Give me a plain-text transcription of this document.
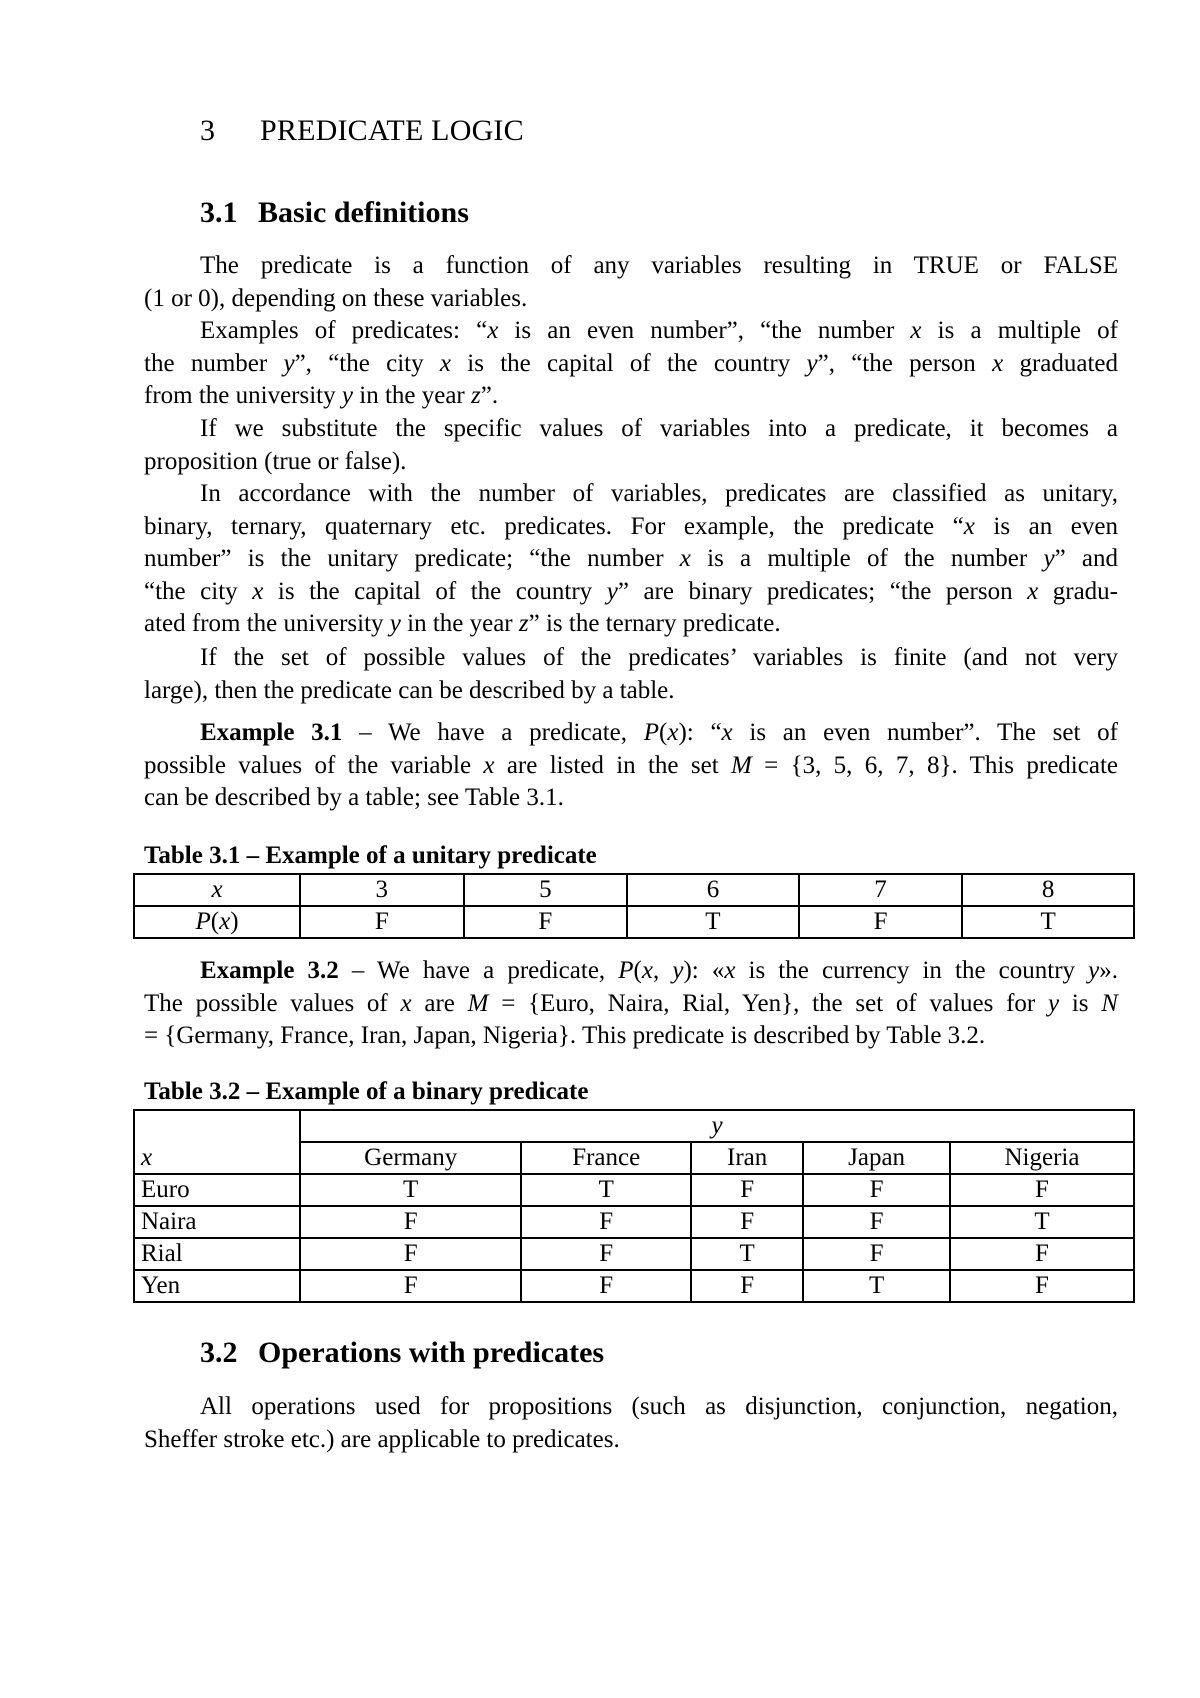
3 PREDICATE LOGIC
3.1 Basic definitions

The predicate is a function of any variables resulting in TRUE or FALSE
(1 or 0), depending on these variables.

Examples of predicates: “x is an even number”, “the number x is a multiple of
the number y”, “the city x is the capital of the country y”, “the person x graduated
from the university y in the year z”.

If we substitute the specific values of variables into a predicate, it becomes a
proposition (true or false).

In accordance with the number of variables, predicates are classified as unitary,
binary, ternary, quaternary etc. predicates. For example, the predicate “x is an even
number” is the unitary predicate; “the number x is a multiple of the number y” and
“the city x is the capital of the country y” are binary predicates; “the person x gradu-
ated from the university y in the year z” is the ternary predicate.

If the set of possible values of the predicates’ variables is finite (and not very
large), then the predicate can be described by a table.

Example 3.1 – We have a predicate, P(x): “x is an even number”. The set of
possible values of the variable x are listed in the set M = {3, 5, 6, 7, 8}. This predicate
can be described by a table; see Table 3.1.

Table 3.1 – Example of a unitary predicate
x	3	5	6	7	8
P(x)	F	F	T	F	T

Example 3.2 – We have a predicate, P(x, y): «x is the currency in the country y».
The possible values of x are M = {Euro, Naira, Rial, Yen}, the set of values for y is N
= {Germany, France, Iran, Japan, Nigeria}. This predicate is described by Table 3.2.

Table 3.2 – Example of a binary predicate
	y				
x	Germany	France	Iran	Japan	Nigeria
Euro	T	T	F	F	F
Naira	F	F	F	F	T
Rial	F	F	T	F	F
Yen	F	F	F	T	F
3.2 Operations with predicates

All operations used for propositions (such as disjunction, conjunction, negation,
Sheffer stroke etc.) are applicable to predicates.
